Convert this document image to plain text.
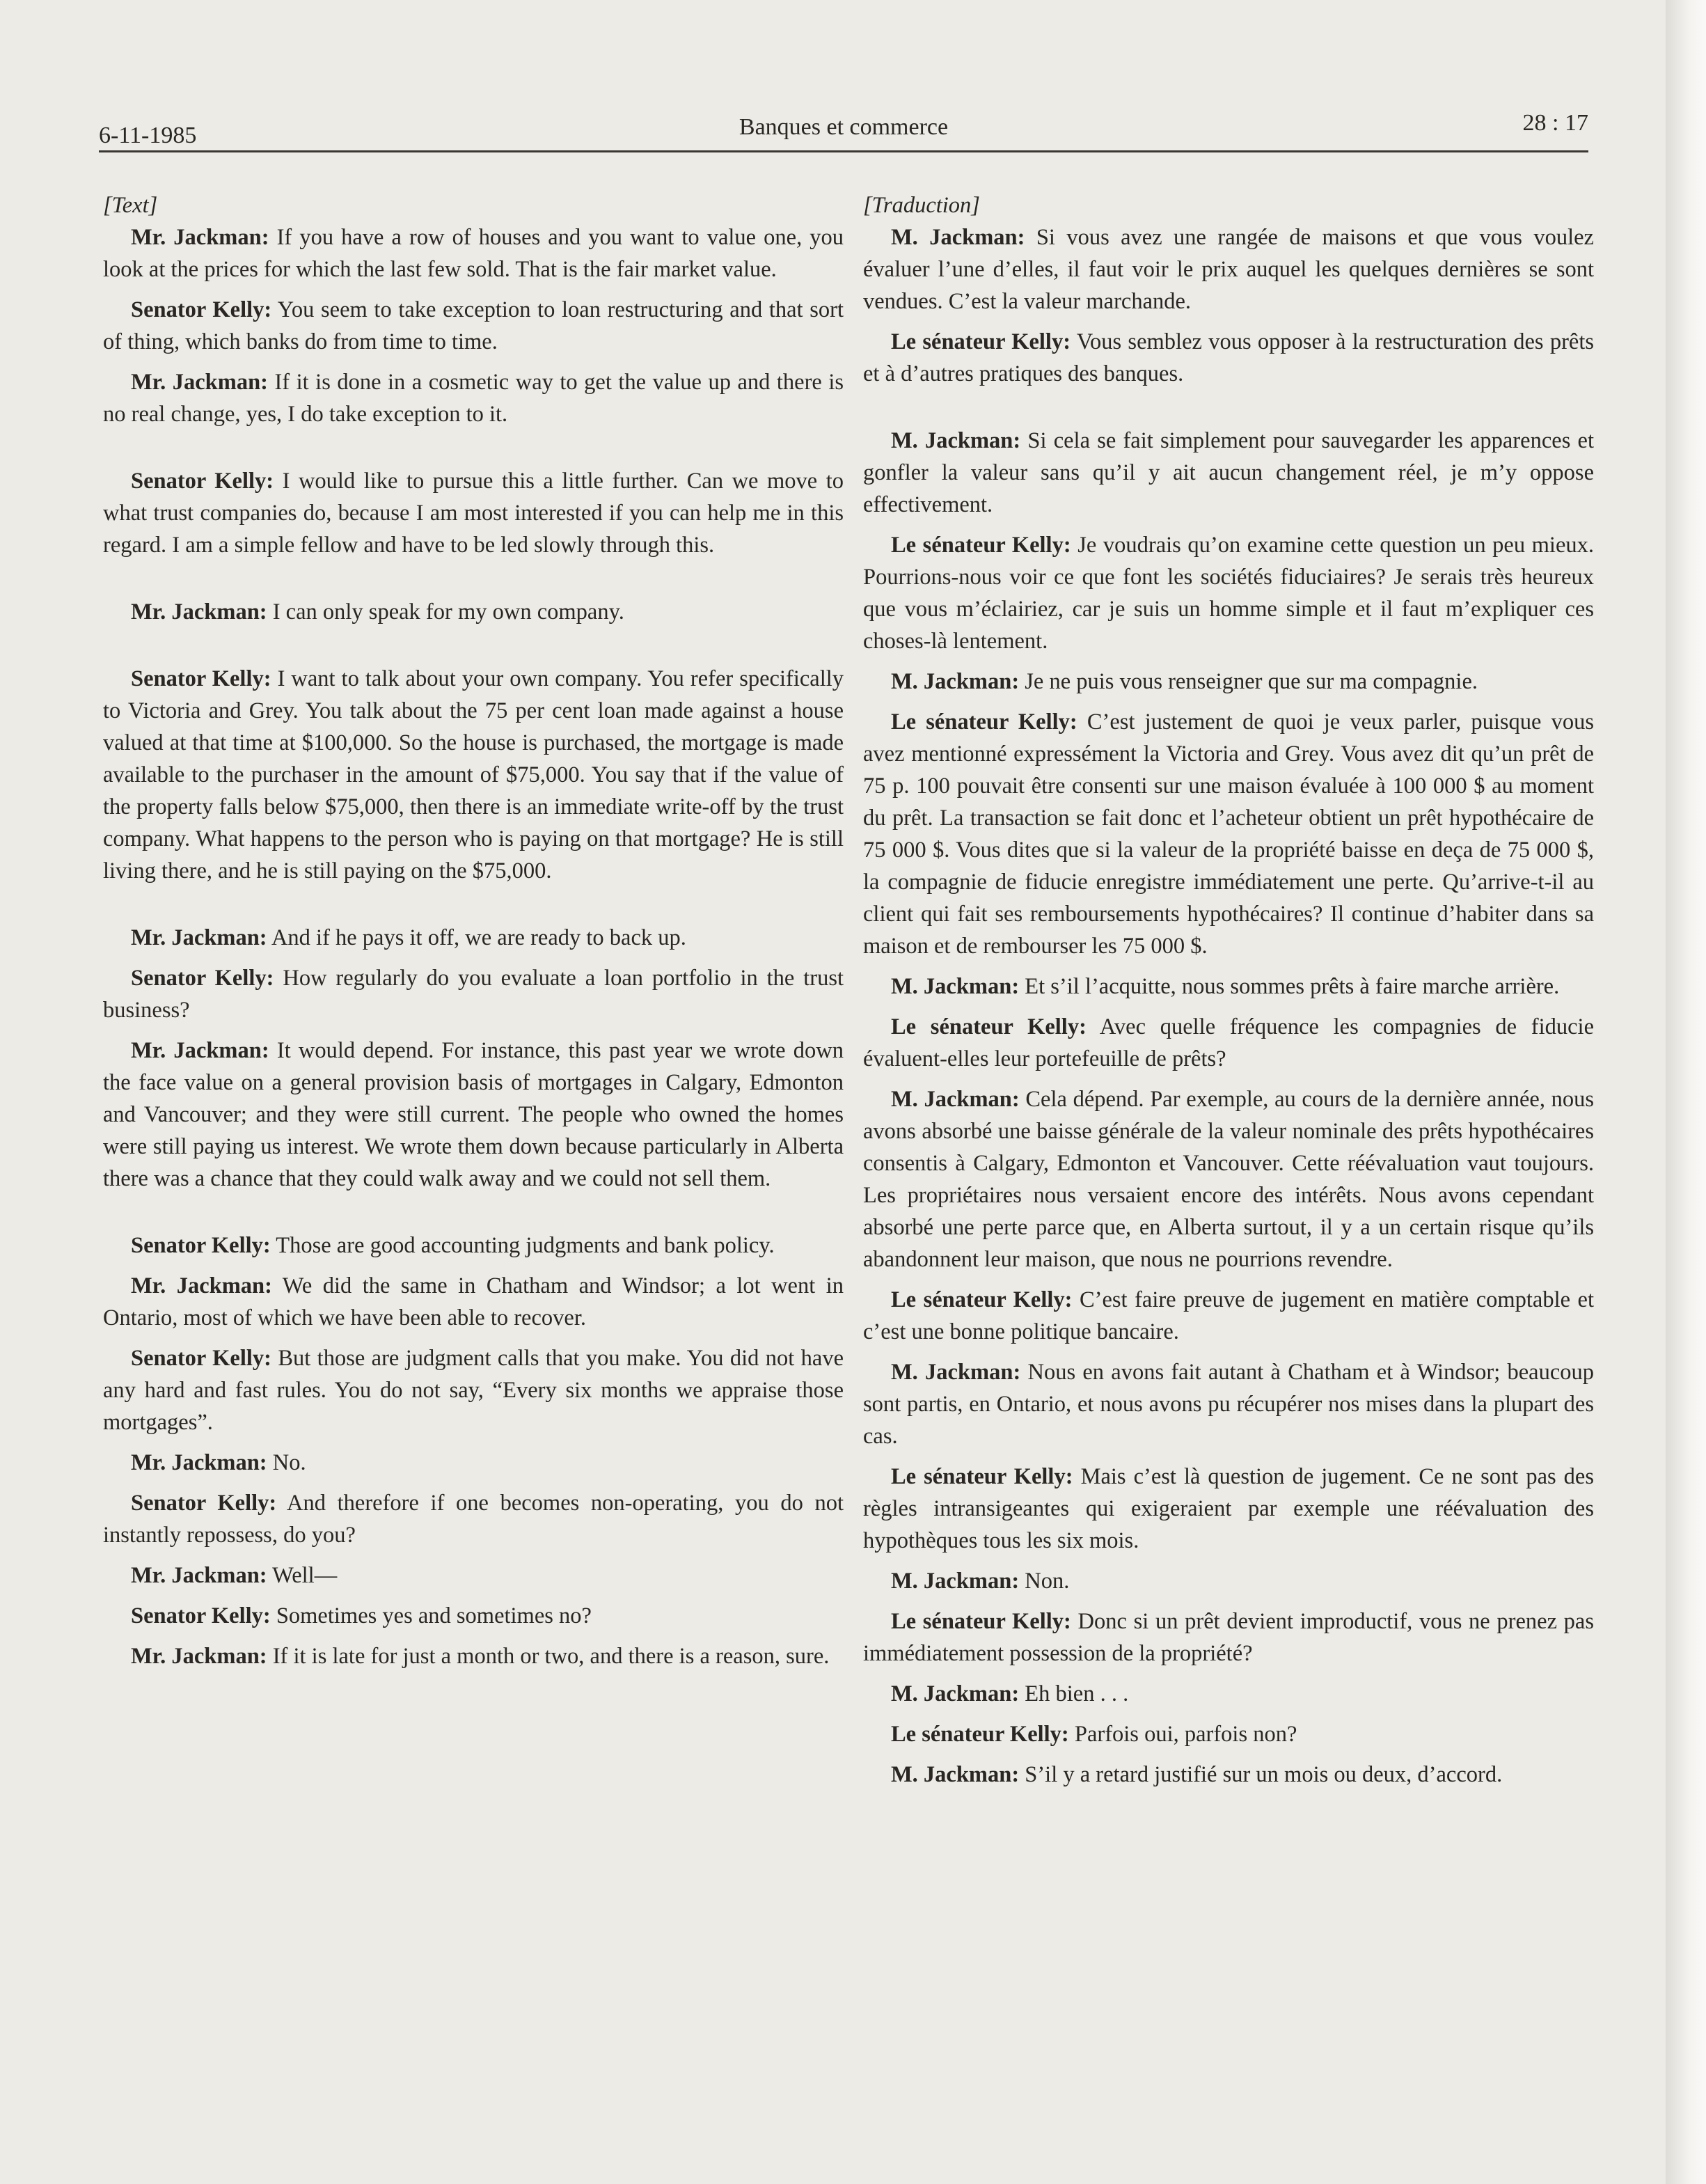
6-11-1985	Banques et commerce	28 : 17

[Text]

Mr. Jackman: If you have a row of houses and you want to value one, you look at the prices for which the last few sold. That is the fair market value.

Senator Kelly: You seem to take exception to loan restructuring and that sort of thing, which banks do from time to time.

Mr. Jackman: If it is done in a cosmetic way to get the value up and there is no real change, yes, I do take exception to it.

Senator Kelly: I would like to pursue this a little further. Can we move to what trust companies do, because I am most interested if you can help me in this regard. I am a simple fellow and have to be led slowly through this.

Mr. Jackman: I can only speak for my own company.

Senator Kelly: I want to talk about your own company. You refer specifically to Victoria and Grey. You talk about the 75 per cent loan made against a house valued at that time at $100,000. So the house is purchased, the mortgage is made available to the purchaser in the amount of $75,000. You say that if the value of the property falls below $75,000, then there is an immediate write-off by the trust company. What happens to the person who is paying on that mortgage? He is still living there, and he is still paying on the $75,000.

Mr. Jackman: And if he pays it off, we are ready to back up.

Senator Kelly: How regularly do you evaluate a loan portfolio in the trust business?

Mr. Jackman: It would depend. For instance, this past year we wrote down the face value on a general provision basis of mortgages in Calgary, Edmonton and Vancouver; and they were still current. The people who owned the homes were still paying us interest. We wrote them down because particularly in Alberta there was a chance that they could walk away and we could not sell them.

Senator Kelly: Those are good accounting judgments and bank policy.

Mr. Jackman: We did the same in Chatham and Windsor; a lot went in Ontario, most of which we have been able to recover.

Senator Kelly: But those are judgment calls that you make. You did not have any hard and fast rules. You do not say, “Every six months we appraise those mortgages”.

Mr. Jackman: No.

Senator Kelly: And therefore if one becomes non-operating, you do not instantly repossess, do you?

Mr. Jackman: Well—

Senator Kelly: Sometimes yes and sometimes no?

Mr. Jackman: If it is late for just a month or two, and there is a reason, sure.

[Traduction]

M. Jackman: Si vous avez une rangée de maisons et que vous voulez évaluer l’une d’elles, il faut voir le prix auquel les quelques dernières se sont vendues. C’est la valeur marchande.

Le sénateur Kelly: Vous semblez vous opposer à la restructuration des prêts et à d’autres pratiques des banques.

M. Jackman: Si cela se fait simplement pour sauvegarder les apparences et gonfler la valeur sans qu’il y ait aucun changement réel, je m’y oppose effectivement.

Le sénateur Kelly: Je voudrais qu’on examine cette question un peu mieux. Pourrions-nous voir ce que font les sociétés fiduciaires? Je serais très heureux que vous m’éclairiez, car je suis un homme simple et il faut m’expliquer ces choses-là lentement.

M. Jackman: Je ne puis vous renseigner que sur ma compagnie.

Le sénateur Kelly: C’est justement de quoi je veux parler, puisque vous avez mentionné expressément la Victoria and Grey. Vous avez dit qu’un prêt de 75 p. 100 pouvait être consenti sur une maison évaluée à 100 000 $ au moment du prêt. La transaction se fait donc et l’acheteur obtient un prêt hypothécaire de 75 000 $. Vous dites que si la valeur de la propriété baisse en deça de 75 000 $, la compagnie de fiducie enregistre immédiatement une perte. Qu’arrive-t-il au client qui fait ses remboursements hypothécaires? Il continue d’habiter dans sa maison et de rembourser les 75 000 $.

M. Jackman: Et s’il l’acquitte, nous sommes prêts à faire marche arrière.

Le sénateur Kelly: Avec quelle fréquence les compagnies de fiducie évaluent-elles leur portefeuille de prêts?

M. Jackman: Cela dépend. Par exemple, au cours de la dernière année, nous avons absorbé une baisse générale de la valeur nominale des prêts hypothécaires consentis à Calgary, Edmonton et Vancouver. Cette réévaluation vaut toujours. Les propriétaires nous versaient encore des intérêts. Nous avons cependant absorbé une perte parce que, en Alberta surtout, il y a un certain risque qu’ils abandonnent leur maison, que nous ne pourrions revendre.

Le sénateur Kelly: C’est faire preuve de jugement en matière comptable et c’est une bonne politique bancaire.

M. Jackman: Nous en avons fait autant à Chatham et à Windsor; beaucoup sont partis, en Ontario, et nous avons pu récupérer nos mises dans la plupart des cas.

Le sénateur Kelly: Mais c’est là question de jugement. Ce ne sont pas des règles intransigeantes qui exigeraient par exemple une réévaluation des hypothèques tous les six mois.

M. Jackman: Non.

Le sénateur Kelly: Donc si un prêt devient improductif, vous ne prenez pas immédiatement possession de la propriété?

M. Jackman: Eh bien . . .

Le sénateur Kelly: Parfois oui, parfois non?

M. Jackman: S’il y a retard justifié sur un mois ou deux, d’accord.
